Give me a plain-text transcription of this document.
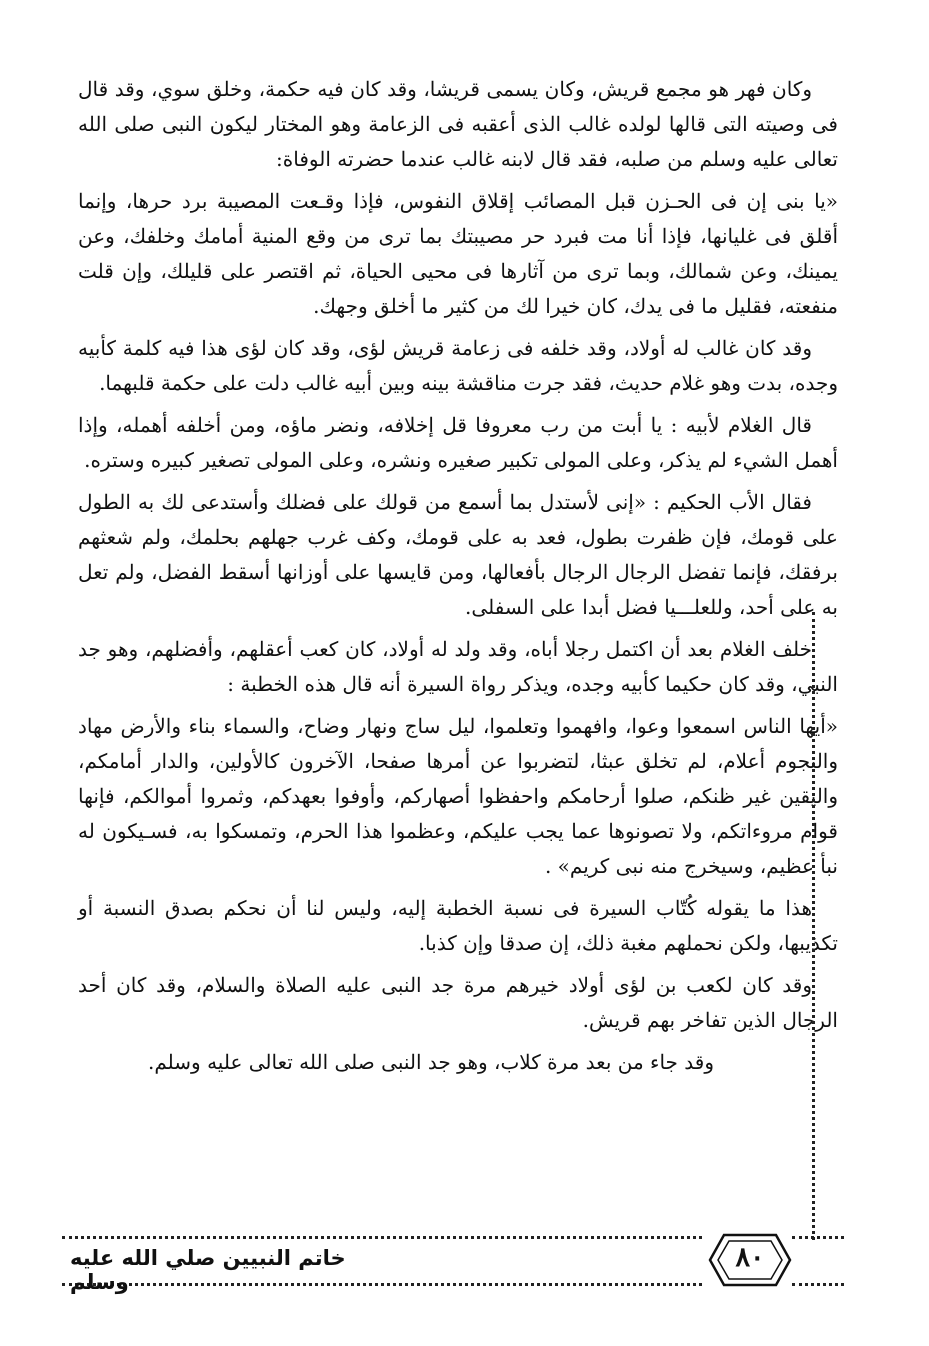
وكان فهر هو مجمع قريش، وكان يسمى قريشا، وقد كان فيه حكمة، وخلق سوي، وقد قال فى وصيته التى قالها لولده غالب الذى أعقبه فى الزعامة وهو المختار ليكون النبى صلى الله تعالى عليه وسلم من صلبه، فقد قال لابنه غالب عندما حضرته الوفاة:

«يا بنى إن فى الحـزن قبل المصائب إقلاق النفوس، فإذا وقـعت المصيبة برد حرها، وإنما أقلق فى غليانها، فإذا أنا مت فبرد حر مصيبتك بما ترى من وقع المنية أمامك وخلفك، وعن يمينك، وعن شمالك، وبما ترى من آثارها فى محيى الحياة، ثم اقتصر على قليلك، وإن قلت منفعته، فقليل ما فى يدك، كان خيرا لك من كثير ما أخلق وجهك.

وقد كان غالب له أولاد، وقد خلفه فى زعامة قريش لؤى، وقد كان لؤى هذا فيه كلمة كأبيه وجده، بدت وهو غلام حديث، فقد جرت مناقشة بينه وبين أبيه غالب دلت على حكمة قلبهما.

قال الغلام لأبيه : يا أبت من رب معروفا قل إخلافه، ونضر ماؤه، ومن أخلفه أهمله، وإذا أهمل الشيء لم يذكر، وعلى المولى تكبير صغيره ونشره، وعلى المولى تصغير كبيره وستره.

فقال الأب الحكيم : «إنى لأستدل بما أسمع من قولك على فضلك وأستدعى لك به الطول على قومك، فإن ظفرت بطول، فعد به على قومك، وكف غرب جهلهم بحلمك، ولم شعثهم برفقك، فإنما تفضل الرجال الرجال بأفعالها، ومن قايسها على أوزانها أسقط الفضل، ولم تعل به على أحد، وللعلـــيا فضل أبدا على السفلى.

خلف الغلام بعد أن اكتمل رجلا أباه، وقد ولد له أولاد، كان كعب أعقلهم، وأفضلهم، وهو جد النبي، وقد كان حكيما كأبيه وجده، ويذكر رواة السيرة أنه قال هذه الخطبة :

«أيها الناس اسمعوا وعوا، وافهموا وتعلموا، ليل ساج ونهار وضاح، والسماء بناء والأرض مهاد والنجوم أعلام، لم تخلق عبثا، لتضربوا عن أمرها صفحا، الآخرون كالأولين، والدار أمامكم، واليقين غير ظنكم، صلوا أرحامكم واحفظوا أصهاركم، وأوفوا بعهدكم، وثمروا أموالكم، فإنها قوام مروءاتكم، ولا تصونوها عما يجب عليكم، وعظموا هذا الحرم، وتمسكوا به، فسـيكون له نبأ عظيم، وسيخرج منه نبى كريم» .

هذا ما يقوله كُتّاب السيرة فى نسبة الخطبة إليه، وليس لنا أن نحكم بصدق النسبة أو تكذيبها، ولكن نحملهم مغبة ذلك، إن صدقا وإن كذبا.

وقد كان لكعب بن لؤى أولاد خيرهم مرة جد النبى عليه الصلاة والسلام، وقد كان أحد الرجال الذين تفاخر بهم قريش.

وقد جاء من بعد مرة كلاب، وهو جد النبى صلى الله تعالى عليه وسلم.

خاتم النبيين صلي الله عليه وسلم
٨٠
